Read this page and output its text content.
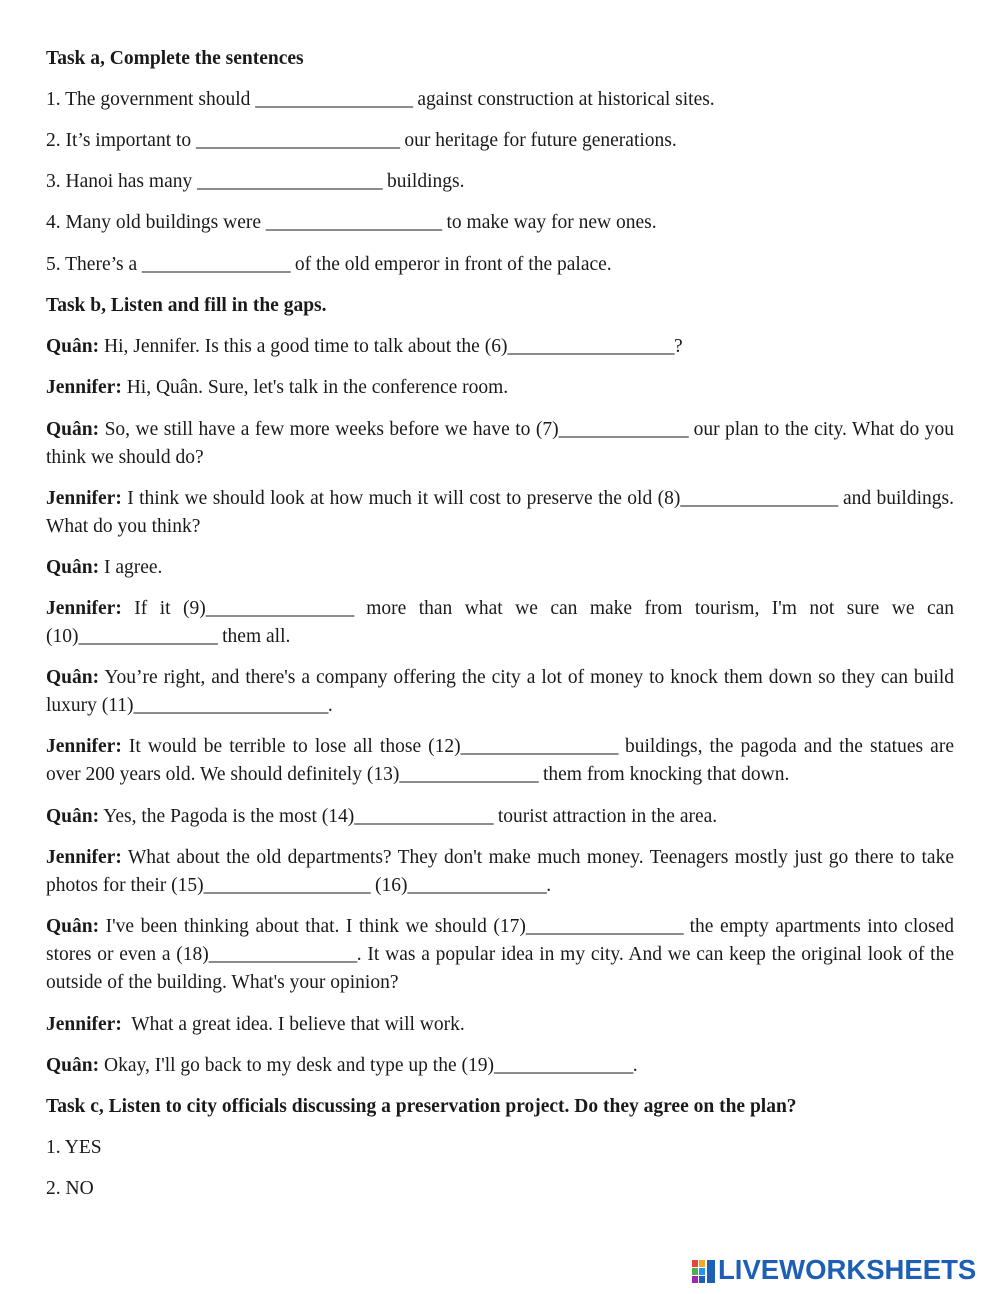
Task a, Complete the sentences
1. The government should _________________ against construction at historical sites.
2. It’s important to ______________________ our heritage for future generations.
3. Hanoi has many ____________________ buildings.
4. Many old buildings were ___________________ to make way for new ones.
5. There’s a ________________ of the old emperor in front of the palace.
Task b, Listen and fill in the gaps.
Quân: Hi, Jennifer. Is this a good time to talk about the (6)__________________?
Jennifer: Hi, Quân. Sure, let's talk in the conference room.
Quân: So, we still have a few more weeks before we have to (7)______________ our plan to the city. What do you think we should do?
Jennifer: I think we should look at how much it will cost to preserve the old (8)_________________ and buildings. What do you think?
Quân: I agree.
Jennifer: If it (9)________________ more than what we can make from tourism, I'm not sure we can (10)_______________ them all.
Quân: You’re right, and there's a company offering the city a lot of money to knock them down so they can build luxury (11)_____________________.
Jennifer: It would be terrible to lose all those (12)_________________ buildings, the pagoda and the statues are over 200 years old. We should definitely (13)_______________ them from knocking that down.
Quân: Yes, the Pagoda is the most (14)_______________ tourist attraction in the area.
Jennifer: What about the old departments? They don't make much money. Teenagers mostly just go there to take photos for their (15)__________________ (16)_______________.
Quân: I've been thinking about that. I think we should (17)_________________ the empty apartments into closed stores or even a (18)________________. It was a popular idea in my city. And we can keep the original look of the outside of the building. What's your opinion?
Jennifer:  What a great idea. I believe that will work.
Quân: Okay, I'll go back to my desk and type up the (19)_______________.
Task c, Listen to city officials discussing a preservation project. Do they agree on the plan?
1. YES
2. NO
LIVEWORKSHEETS
